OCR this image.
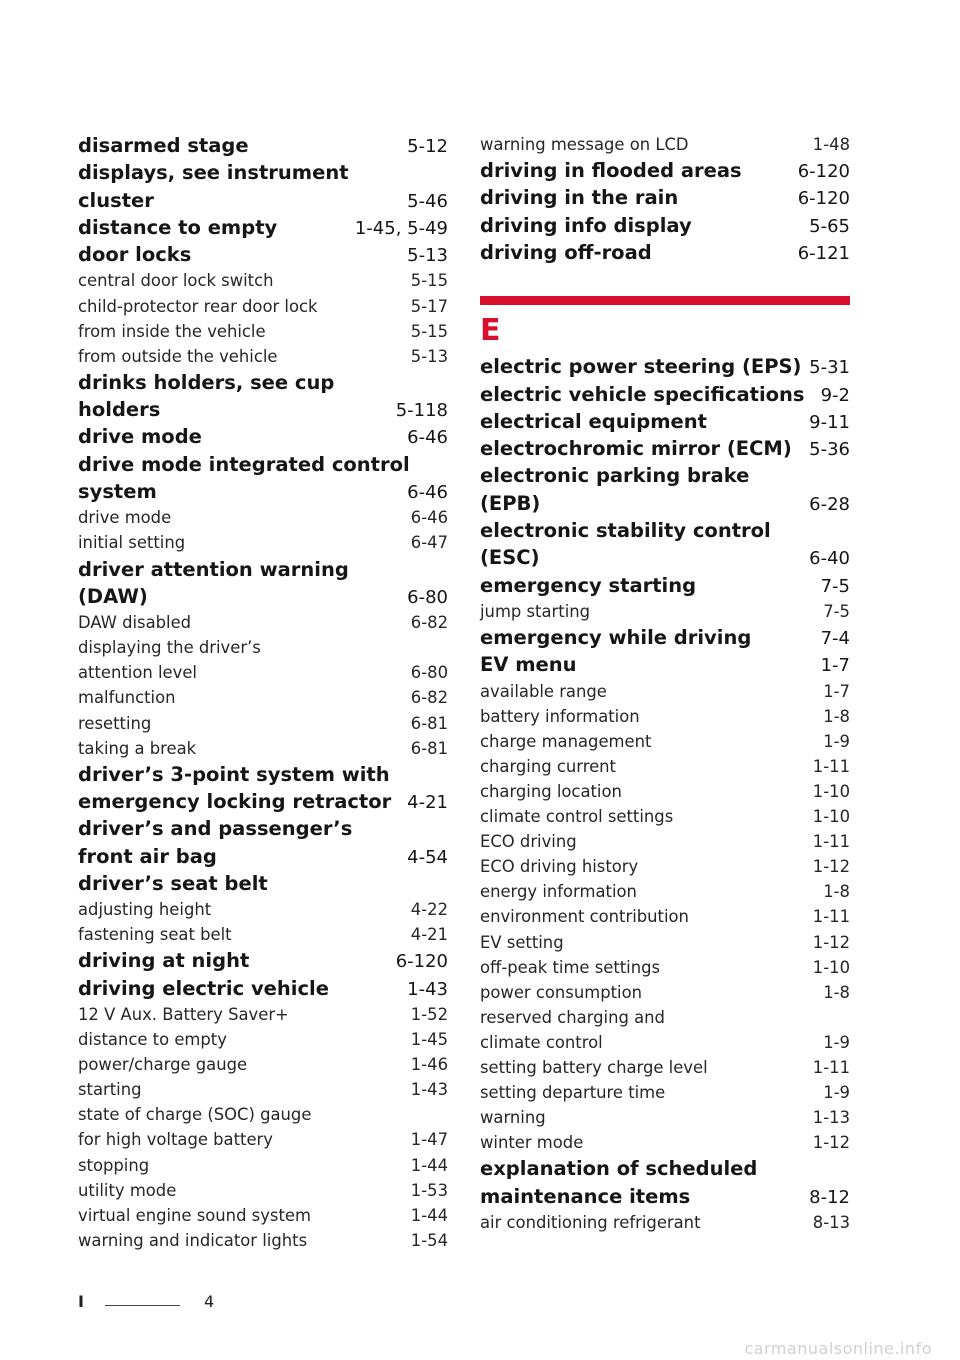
disarmed stage	5-12
displays, see instrument
cluster	5-46
distance to empty	1-45, 5-49
door locks	5-13
central door lock switch	5-15
child-protector rear door lock	5-17
from inside the vehicle	5-15
from outside the vehicle	5-13
drinks holders, see cup
holders	5-118
drive mode	6-46
drive mode integrated control
system	6-46
drive mode	6-46
initial setting	6-47
driver attention warning
(DAW)	6-80
DAW disabled	6-82
displaying the driver’s
attention level	6-80
malfunction	6-82
resetting	6-81
taking a break	6-81
driver’s 3-point system with
emergency locking retractor 4-21
driver’s and passenger’s
front air bag	4-54
driver’s seat belt
adjusting height	4-22
fastening seat belt	4-21
driving at night	6-120
driving electric vehicle	1-43
12 V Aux. Battery Saver+	1-52
distance to empty	1-45
power/charge gauge	1-46
starting	1-43
state of charge (SOC) gauge
for high voltage battery	1-47
stopping	1-44
utility mode	1-53
virtual engine sound system	1-44
warning and indicator lights	1-54
warning message on LCD	1-48
driving in flooded areas	6-120
driving in the rain	6-120
driving info display	5-65
driving off-road	6-121
E
electric power steering (EPS) 5-31
electric vehicle specifications 9-2
electrical equipment	9-11
electrochromic mirror (ECM) 5-36
electronic parking brake
(EPB)	6-28
electronic stability control
(ESC)	6-40
emergency starting	7-5
jump starting	7-5
emergency while driving	7-4
EV menu	1-7
available range	1-7
battery information	1-8
charge management	1-9
charging current	1-11
charging location	1-10
climate control settings	1-10
ECO driving	1-11
ECO driving history	1-12
energy information	1-8
environment contribution	1-11
EV setting	1-12
off-peak time settings	1-10
power consumption	1-8
reserved charging and
climate control	1-9
setting battery charge level	1-11
setting departure time	1-9
warning	1-13
winter mode	1-12
explanation of scheduled
maintenance items	8-12
air conditioning refrigerant	8-13
I	4
carmanualsonline.info
